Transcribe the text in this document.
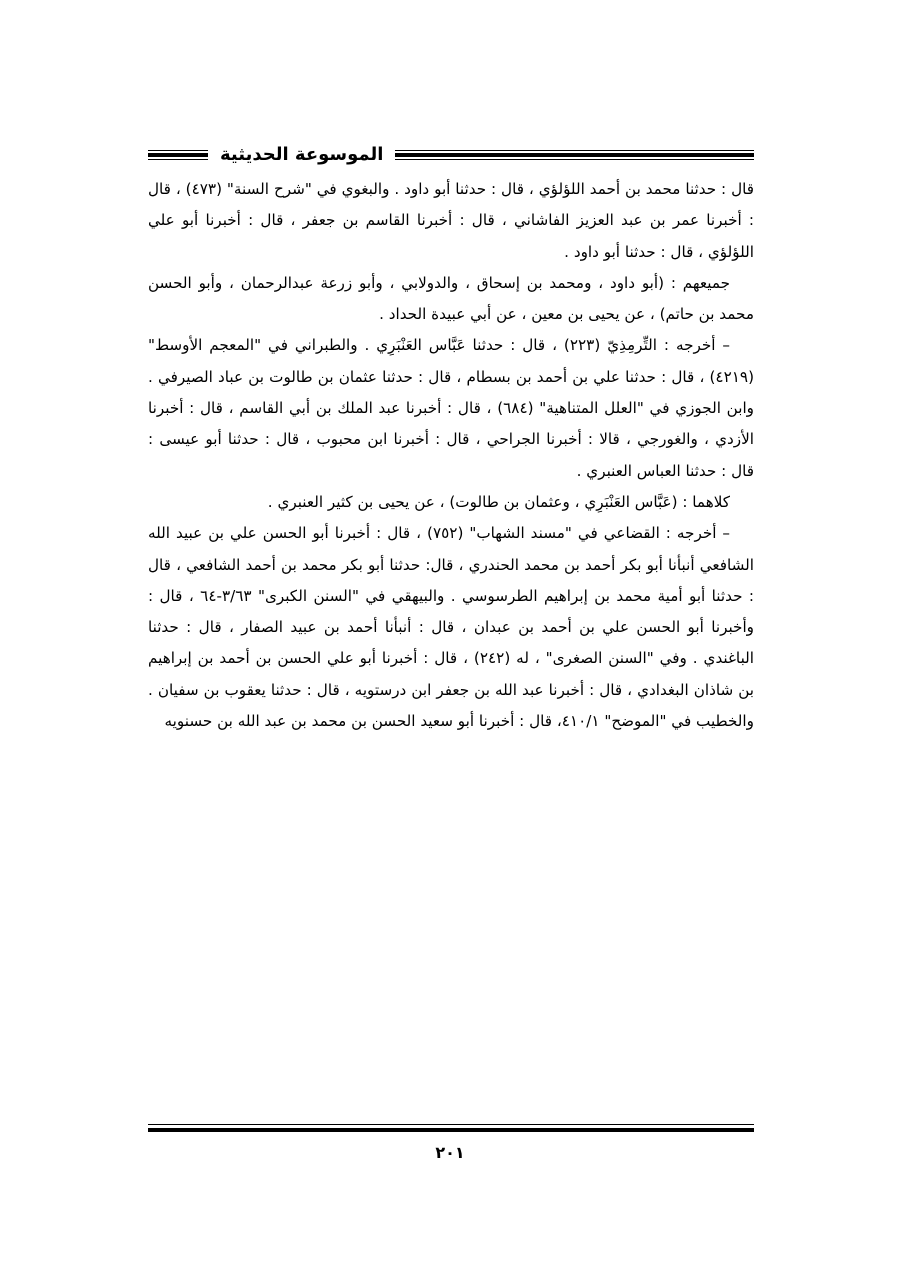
الموسوعة الحديثية

قال : حدثنا محمد بن أحمد اللؤلؤي ، قال : حدثنا أبو داود . والبغوي في "شرح السنة" (٤٧٣) ، قال : أخبرنا عمر بن عبد العزيز الفاشاني ، قال : أخبرنا القاسم بن جعفر ، قال : أخبرنا أبو علي اللؤلؤي ، قال : حدثنا أبو داود .

جميعهم : (أبو داود ، ومحمد بن إسحاق ، والدولابي ، وأبو زرعة عبدالرحمان ، وأبو الحسن محمد بن حاتم) ، عن يحيى بن معين ، عن أبي عبيدة الحداد .

– أخرجه : التِّرمِذِيّ (٢٢٣) ، قال : حدثنا عَبَّاس العَنْبَرِي . والطبراني في "المعجم الأوسط" (٤٢١٩) ، قال : حدثنا علي بن أحمد بن بسطام ، قال : حدثنا عثمان بن طالوت بن عباد الصيرفي . وابن الجوزي في "العلل المتناهية" (٦٨٤) ، قال : أخبرنا عبد الملك بن أبي القاسم ، قال : أخبرنا الأزدي ، والغورجي ، قالا : أخبرنا الجراحي ، قال : أخبرنا ابن محبوب ، قال : حدثنا أبو عيسى : قال : حدثنا العباس العنبري .

كلاهما : (عَبَّاس العَنْبَرِي ، وعثمان بن طالوت) ، عن يحيى بن كثير العنبري .

– أخرجه : القضاعي في "مسند الشهاب" (٧٥٢) ، قال : أخبرنا أبو الحسن علي بن عبيد الله الشافعي أنبأنا أبو بكر أحمد بن محمد الحندري ، قال: حدثنا أبو بكر محمد بن أحمد الشافعي ، قال : حدثنا أبو أمية محمد بن إبراهيم الطرسوسي . والبيهقي في "السنن الكبرى" ٣/٦٣-٦٤ ، قال : وأخبرنا أبو الحسن علي بن أحمد بن عبدان ، قال : أنبأنا أحمد بن عبيد الصفار ، قال : حدثنا الباغندي . وفي "السنن الصغرى" ، له (٢٤٢) ، قال : أخبرنا أبو علي الحسن بن أحمد بن إبراهيم بن شاذان البغدادي ، قال : أخبرنا عبد الله بن جعفر ابن درستويه ، قال : حدثنا يعقوب بن سفيان . والخطيب في "الموضح" ٤١٠/١، قال : أخبرنا أبو سعيد الحسن بن محمد بن عبد الله بن حسنويه

٢٠١
